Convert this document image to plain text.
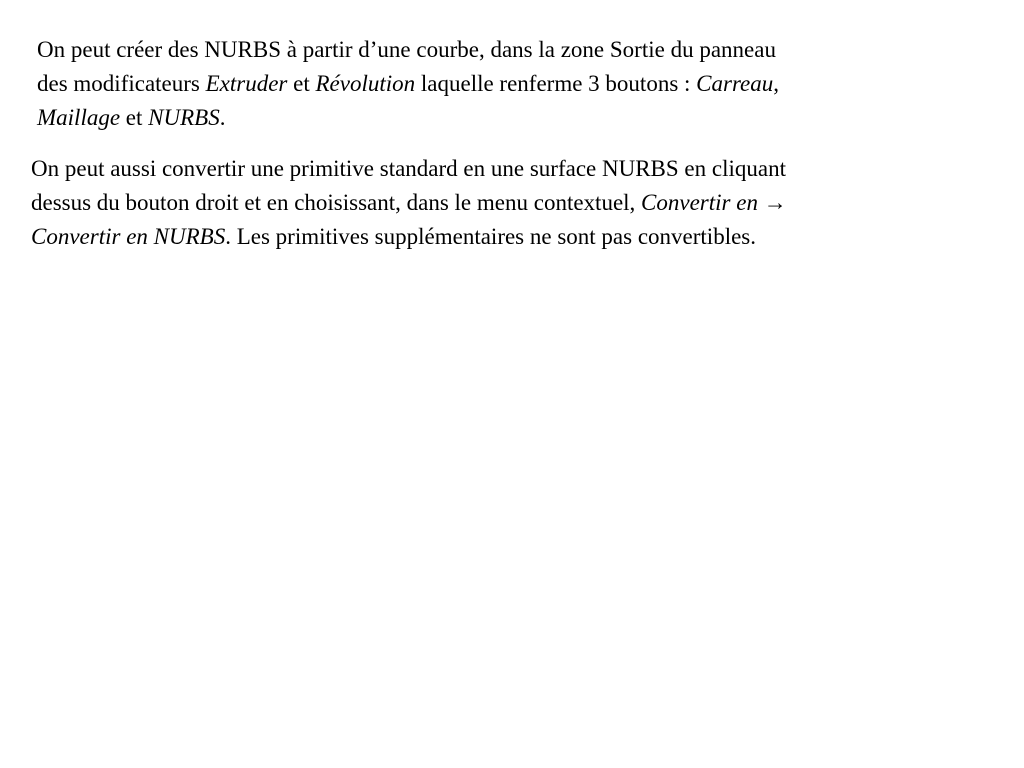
On peut créer des NURBS à partir d’une courbe, dans la zone Sortie du panneau
des modificateurs Extruder et Révolution laquelle renferme 3 boutons : Carreau,
Maillage et NURBS.

On peut aussi convertir une primitive standard en une surface NURBS en cliquant
dessus du bouton droit et en choisissant, dans le menu contextuel, Convertir en →
Convertir en NURBS. Les primitives supplémentaires ne sont pas convertibles.
